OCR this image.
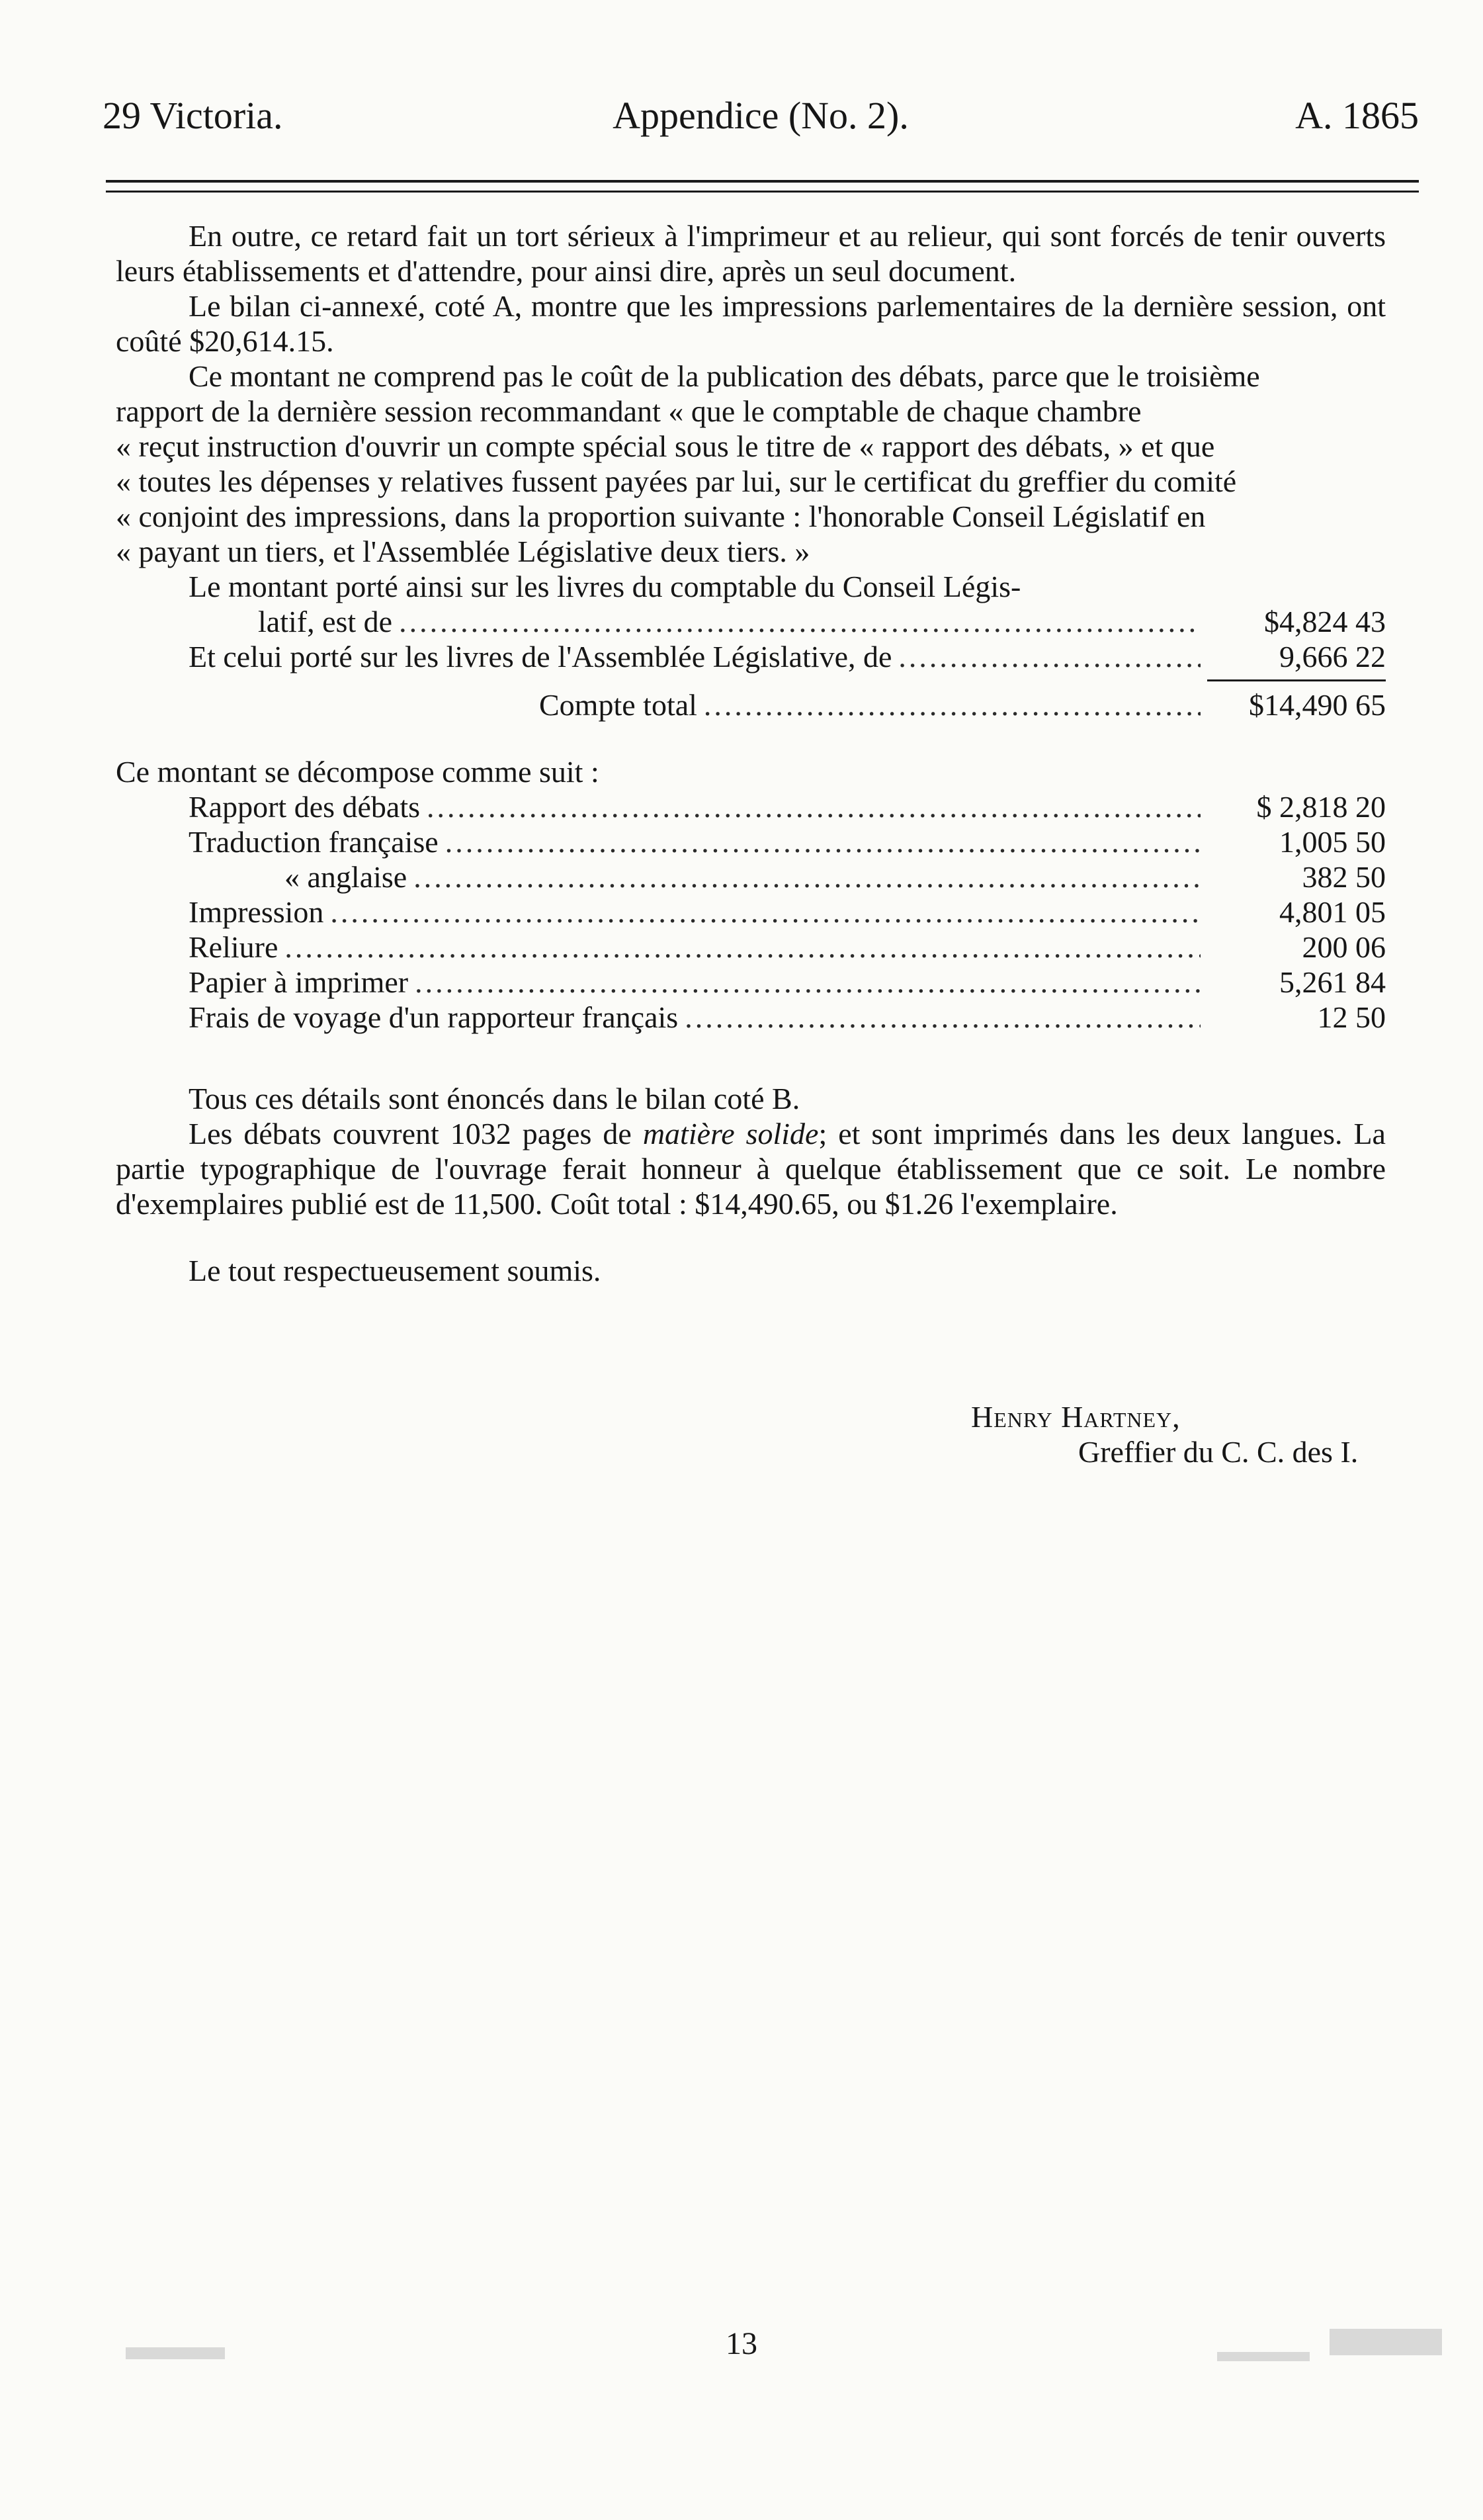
29 Victoria.	Appendice (No. 2).	A. 1865

En outre, ce retard fait un tort sérieux à l'imprimeur et au relieur, qui sont forcés de tenir ouverts leurs établissements et d'attendre, pour ainsi dire, après un seul document.

Le bilan ci-annexé, coté A, montre que les impressions parlementaires de la dernière session, ont coûté $20,614.15.

Ce montant ne comprend pas le coût de la publication des débats, parce que le troisième

rapport de la dernière session recommandant « que le comptable de chaque chambre

« reçut instruction d'ouvrir un compte spécial sous le titre de « rapport des débats, » et que

« toutes les dépenses y relatives fussent payées par lui, sur le certificat du greffier du comité

« conjoint des impressions, dans la proportion suivante : l'honorable Conseil Législatif en

« payant un tiers, et l'Assemblée Législative deux tiers. »

Le montant porté ainsi sur les livres du comptable du Conseil Légis-
latif, est de .....	$4,824 43
Et celui porté sur les livres de l'Assemblée Législative, de .....	9,666 22
Compte total .....	$14,490 65

Ce montant se décompose comme suit :

Rapport des débats .....	$ 2,818 20
Traduction française .....	1,005 50
« anglaise .....	382 50
Impression .....	4,801 05
Reliure .....	200 06
Papier à imprimer .....	5,261 84
Frais de voyage d'un rapporteur français .....	12 50

Tous ces détails sont énoncés dans le bilan coté B.

Les débats couvrent 1032 pages de matière solide; et sont imprimés dans les deux langues. La partie typographique de l'ouvrage ferait honneur à quelque établissement que ce soit. Le nombre d'exemplaires publié est de 11,500. Coût total : $14,490.65, ou $1.26 l'exemplaire.

Le tout respectueusement soumis.

Henry Hartney,
Greffier du C. C. des I.
13
